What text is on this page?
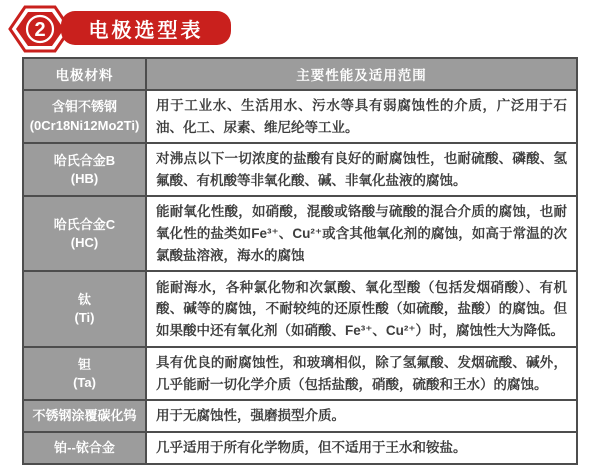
2	电极选型表
电极材料	主要性能及适用范围

含钼不锈钢
(0Cr18Ni12Mo2Ti)	用于工业水、生活用水、污水等具有弱腐蚀性的介质，广泛用于石油、化工、尿素、维尼纶等工业。

哈氏合金B
(HB)	对沸点以下一切浓度的盐酸有良好的耐腐蚀性，也耐硫酸、磷酸、氢氟酸、有机酸等非氧化酸、碱、非氧化盐液的腐蚀。

哈氏合金C
(HC)	能耐氧化性酸，如硝酸，混酸或铬酸与硫酸的混合介质的腐蚀，也耐氧化性的盐类如Fe³⁺、Cu²⁺或含其他氧化剂的腐蚀，如高于常温的次氯酸盐溶液，海水的腐蚀

钛
(Ti)	能耐海水，各种氯化物和次氯酸、氧化型酸（包括发烟硝酸）、有机酸、碱等的腐蚀，不耐较纯的还原性酸（如硫酸，盐酸）的腐蚀。但如果酸中还有氧化剂（如硝酸、Fe³⁺、Cu²⁺）时，腐蚀性大为降低。

钽
(Ta)	具有优良的耐腐蚀性，和玻璃相似，除了氢氟酸、发烟硫酸、碱外，几乎能耐一切化学介质（包括盐酸，硝酸，硫酸和王水）的腐蚀。

不锈钢涂覆碳化钨	用于无腐蚀性，强磨损型介质。

铂--铱合金	几乎适用于所有化学物质，但不适用于王水和铵盐。
